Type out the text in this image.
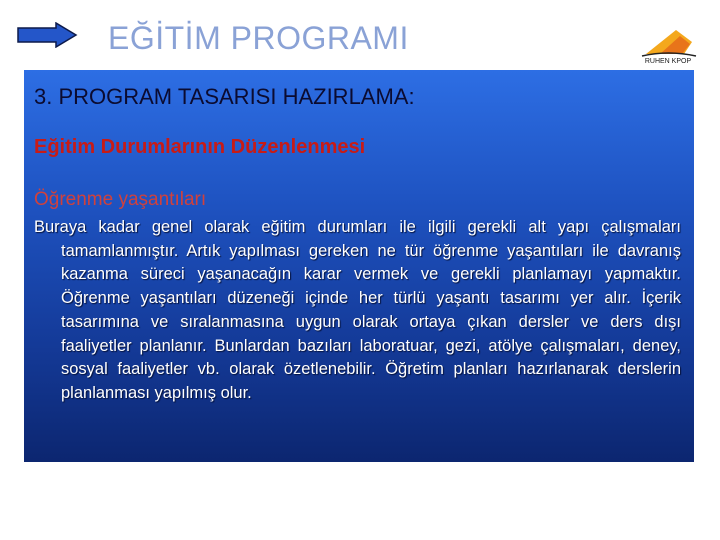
EĞİTİM PROGRAMI
RUHEN KPOP
3. PROGRAM TASARISI HAZIRLAMA:
Eğitim Durumlarının Düzenlenmesi
Öğrenme yaşantıları
Buraya kadar genel olarak eğitim durumları ile ilgili gerekli alt yapı çalışmaları tamamlanmıştır. Artık yapılması gereken ne tür öğrenme yaşantıları ile davranış kazanma süreci yaşanacağın karar vermek ve gerekli planlamayı yapmaktır. Öğrenme yaşantıları düzeneği içinde her türlü yaşantı tasarımı yer alır. İçerik tasarımına ve sıralanmasına uygun olarak ortaya çıkan dersler ve ders dışı faaliyetler planlanır. Bunlardan bazıları laboratuar, gezi, atölye çalışmaları, deney, sosyal faaliyetler vb. olarak özetlenebilir. Öğretim planları hazırlanarak derslerin planlanması yapılmış olur.
